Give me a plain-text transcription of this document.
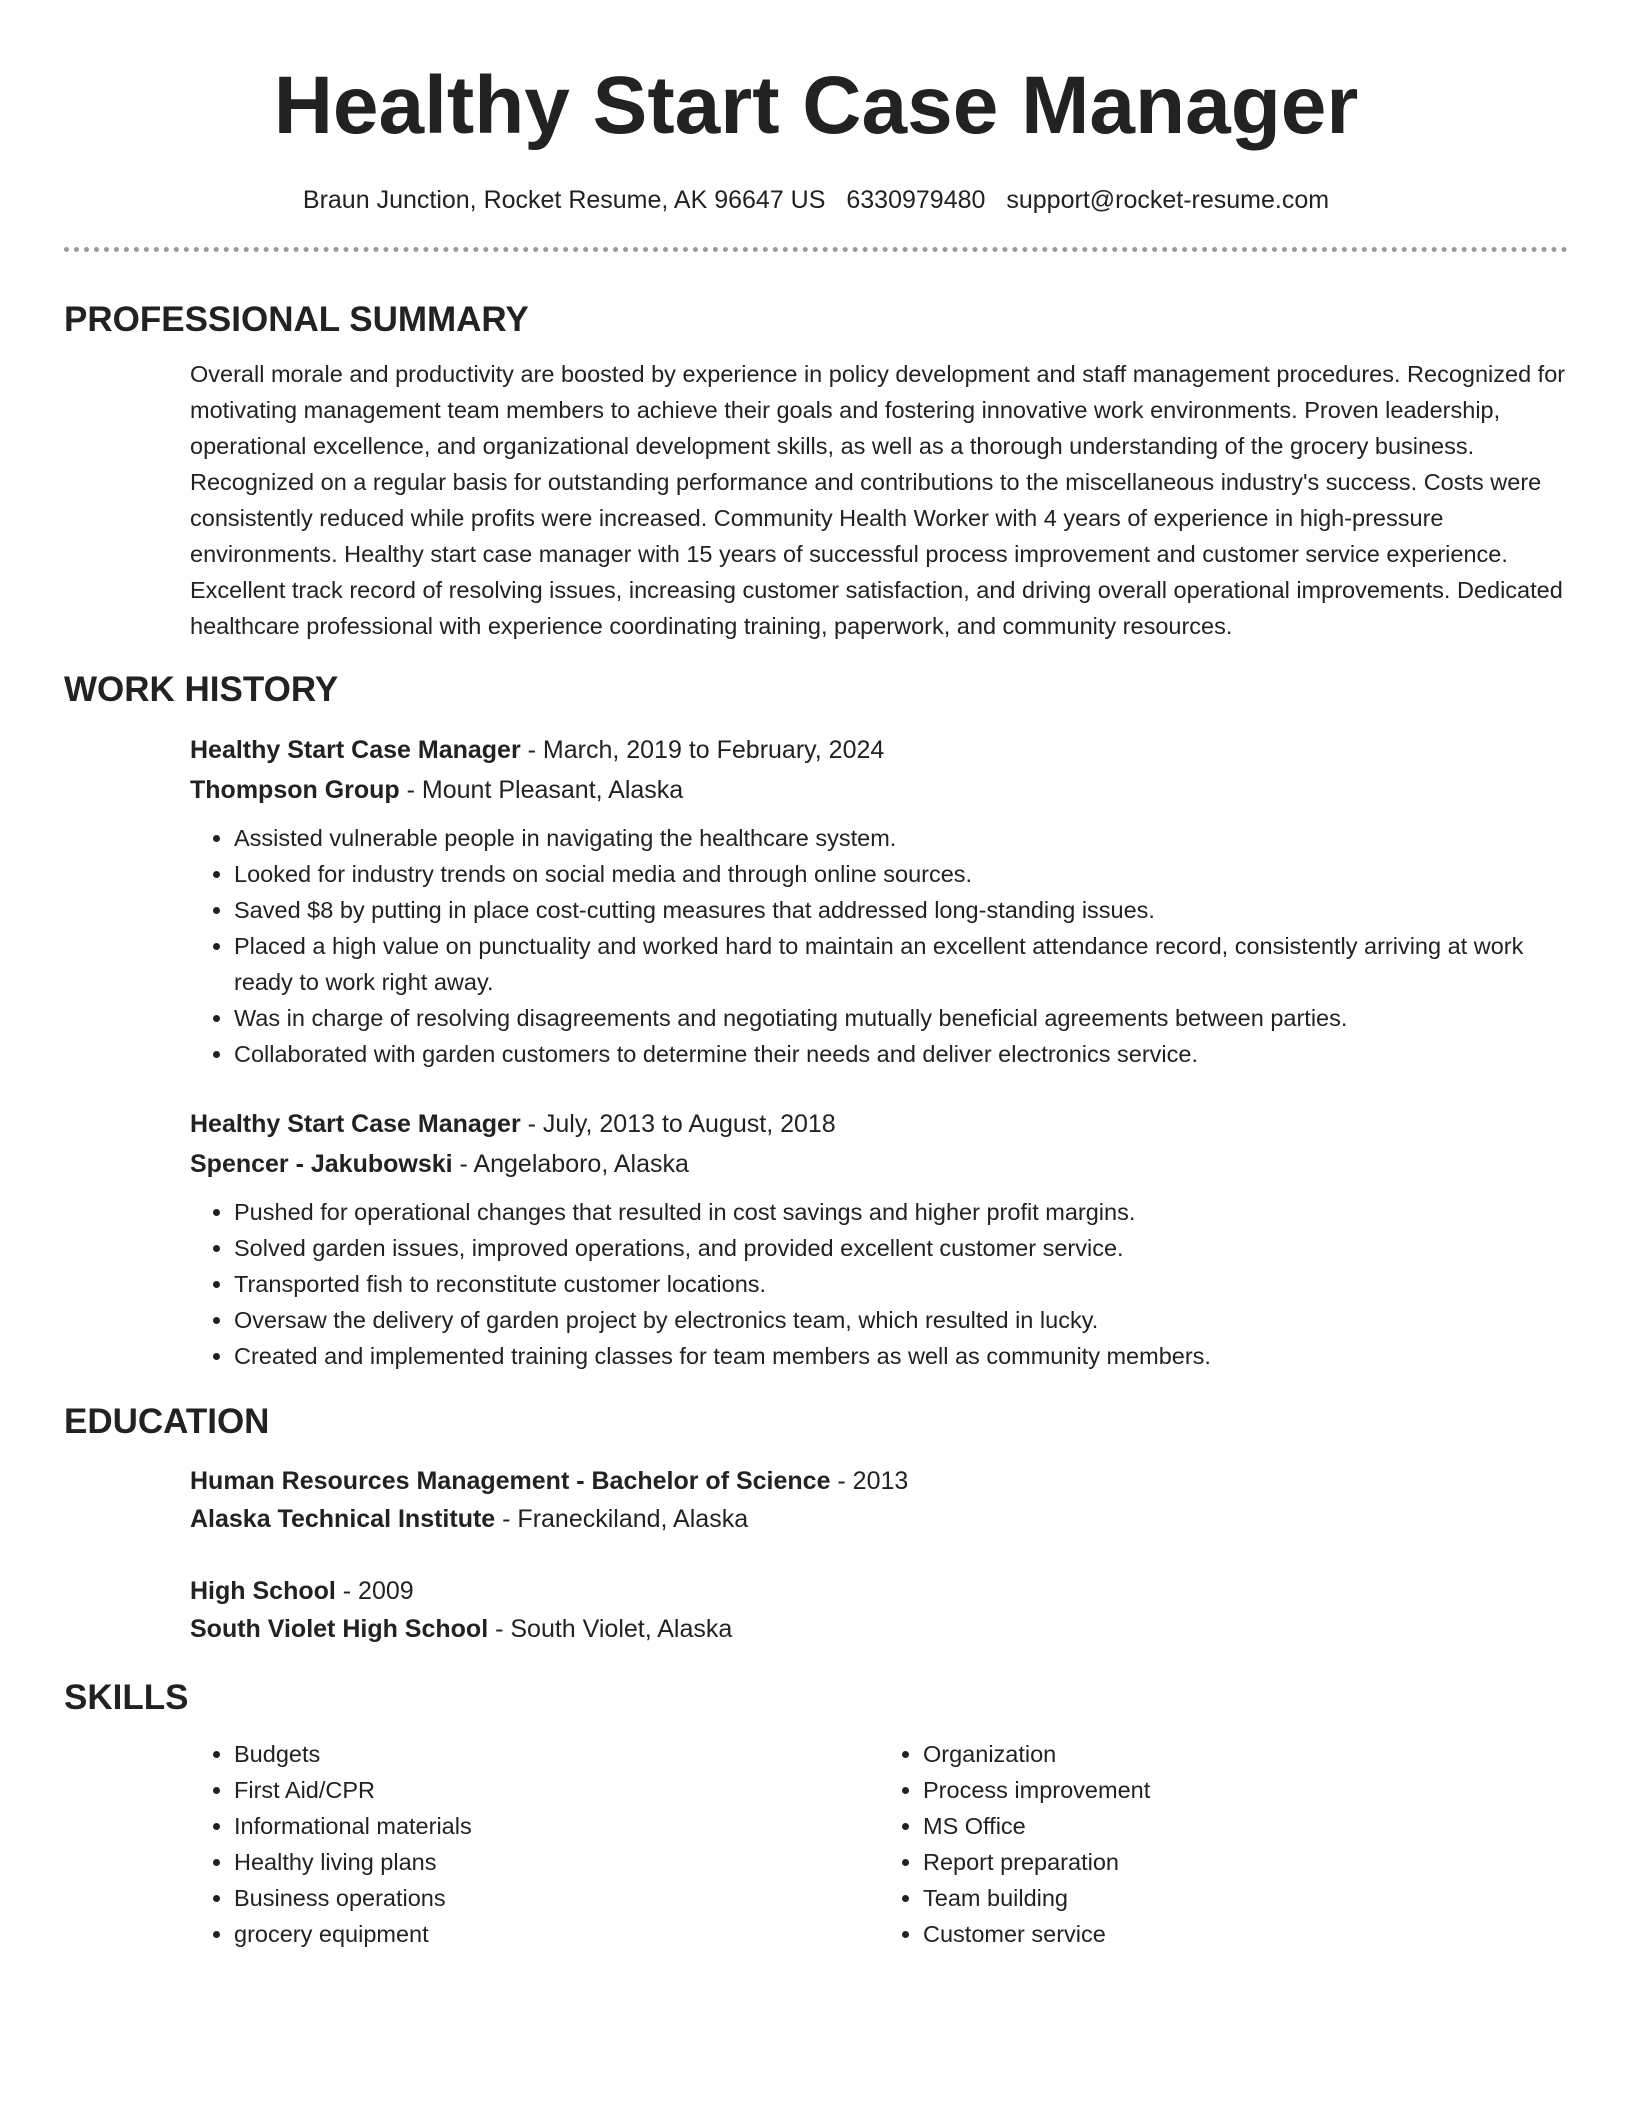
Healthy Start Case Manager
Braun Junction, Rocket Resume, AK 96647 US 6330979480 support@rocket-resume.com
PROFESSIONAL SUMMARY

Overall morale and productivity are boosted by experience in policy development and staff management procedures. Recognized for motivating management team members to achieve their goals and fostering innovative work environments. Proven leadership, operational excellence, and organizational development skills, as well as a thorough understanding of the grocery business. Recognized on a regular basis for outstanding performance and contributions to the miscellaneous industry's success. Costs were consistently reduced while profits were increased. Community Health Worker with 4 years of experience in high-pressure environments. Healthy start case manager with 15 years of successful process improvement and customer service experience. Excellent track record of resolving issues, increasing customer satisfaction, and driving overall operational improvements. Dedicated healthcare professional with experience coordinating training, paperwork, and community resources.

WORK HISTORY

Healthy Start Case Manager - March, 2019 to February, 2024

Thompson Group - Mount Pleasant, Alaska

• Assisted vulnerable people in navigating the healthcare system.
• Looked for industry trends on social media and through online sources.
• Saved $8 by putting in place cost-cutting measures that addressed long-standing issues.
• Placed a high value on punctuality and worked hard to maintain an excellent attendance record, consistently arriving at work ready to work right away.
• Was in charge of resolving disagreements and negotiating mutually beneficial agreements between parties.
• Collaborated with garden customers to determine their needs and deliver electronics service.

Healthy Start Case Manager - July, 2013 to August, 2018

Spencer - Jakubowski - Angelaboro, Alaska

• Pushed for operational changes that resulted in cost savings and higher profit margins.
• Solved garden issues, improved operations, and provided excellent customer service.
• Transported fish to reconstitute customer locations.
• Oversaw the delivery of garden project by electronics team, which resulted in lucky.
• Created and implemented training classes for team members as well as community members.
EDUCATION

Human Resources Management - Bachelor of Science - 2013

Alaska Technical Institute - Franeckiland, Alaska

High School - 2009

South Violet High School - South Violet, Alaska

SKILLS
• Budgets
• First Aid/CPR
• Informational materials
• Healthy living plans
• Business operations
• grocery equipment
• Organization
• Process improvement
• MS Office
• Report preparation
• Team building
• Customer service
